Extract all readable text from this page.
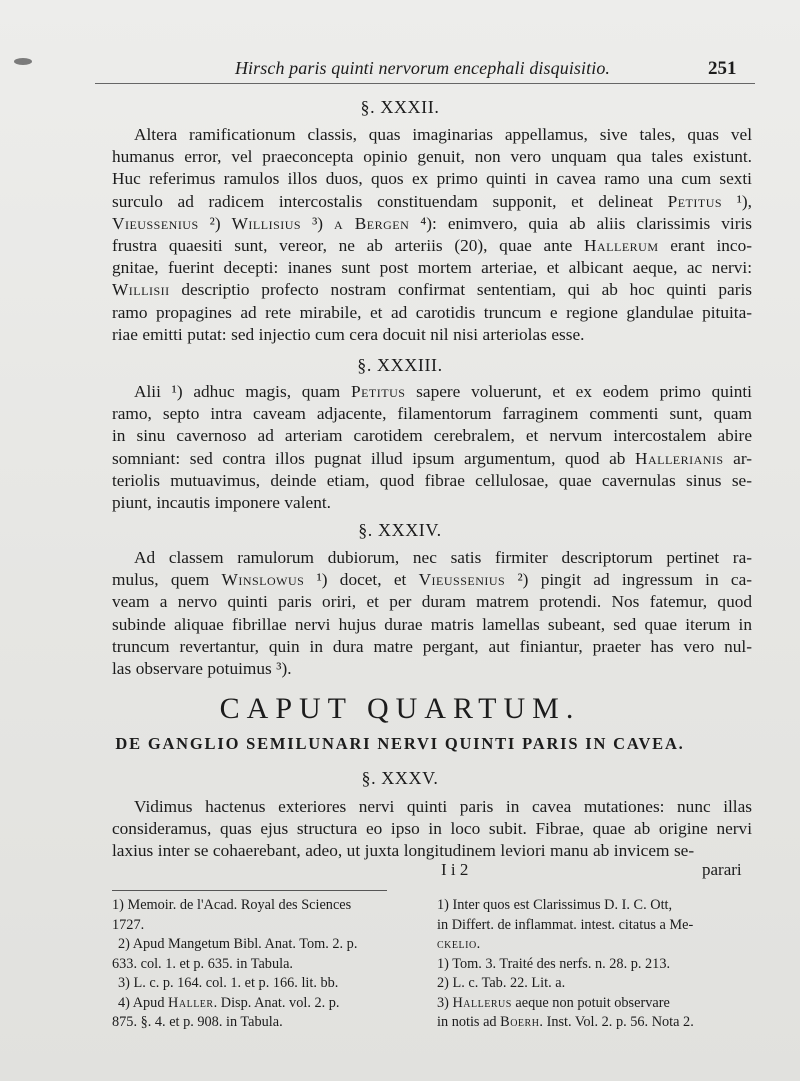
Hirsch paris quinti nervorum encephali disquisitio.	251
§. XXXII.
Altera ramificationum classis, quas imaginarias appellamus, sive tales, quas vel
humanus error, vel praeconcepta opinio genuit, non vero unquam qua tales existunt.
Huc referimus ramulos illos duos, quos ex primo quinti in cavea ramo una cum sexti
surculo ad radicem intercostalis constituendam supponit, et delineat Petitus ¹),
Vieussenius ²) Willisius ³) a Bergen ⁴): enimvero, quia ab aliis clarissimis viris
frustra quaesiti sunt, vereor, ne ab arteriis (20), quae ante Hallerum erant inco-
gnitae, fuerint decepti: inanes sunt post mortem arteriae, et albicant aeque, ac nervi:
Willisii descriptio profecto nostram confirmat sententiam, qui ab hoc quinti paris
ramo propagines ad rete mirabile, et ad carotidis truncum e regione glandulae pituita-
riae emitti putat: sed injectio cum cera docuit nil nisi arteriolas esse.
§. XXXIII.
Alii ¹) adhuc magis, quam Petitus sapere voluerunt, et ex eodem primo quinti
ramo, septo intra caveam adjacente, filamentorum farraginem commenti sunt, quam
in sinu cavernoso ad arteriam carotidem cerebralem, et nervum intercostalem abire
somniant: sed contra illos pugnat illud ipsum argumentum, quod ab Hallerianis ar-
teriolis mutuavimus, deinde etiam, quod fibrae cellulosae, quae cavernulas sinus se-
piunt, incautis imponere valent.
§. XXXIV.
Ad classem ramulorum dubiorum, nec satis firmiter descriptorum pertinet ra-
mulus, quem Winslowus ¹) docet, et Vieussenius ²) pingit ad ingressum in ca-
veam a nervo quinti paris oriri, et per duram matrem protendi. Nos fatemur, quod
subinde aliquae fibrillae nervi hujus durae matris lamellas subeant, sed quae iterum in
truncum revertantur, quin in dura matre pergant, aut finiantur, praeter has vero nul-
las observare potuimus ³).
CAPUT QUARTUM.
DE GANGLIO SEMILUNARI NERVI QUINTI PARIS IN CAVEA.
§. XXXV.
Vidimus hactenus exteriores nervi quinti paris in cavea mutationes: nunc illas
consideramus, quas ejus structura eo ipso in loco subit. Fibrae, quae ab origine nervi
laxius inter se cohaerebant, adeo, ut juxta longitudinem leviori manu ab invicem se-
I i 2	parari
1) Memoir. de l'Acad. Royal des Sciences
1727.
2) Apud Mangetum Bibl. Anat. Tom. 2. p.
633. col. 1. et p. 635. in Tabula.
3) L. c. p. 164. col. 1. et p. 166. lit. bb.
4) Apud Haller. Disp. Anat. vol. 2. p.
875. §. 4. et p. 908. in Tabula.
1) Inter quos est Clarissimus D. I. C. Ott,
in Differt. de inflammat. intest. citatus a Me-
ckelio.
1) Tom. 3. Traité des nerfs. n. 28. p. 213.
2) L. c. Tab. 22. Lit. a.
3) Hallerus aeque non potuit observare
in notis ad Boerh. Inst. Vol. 2. p. 56. Nota 2.
